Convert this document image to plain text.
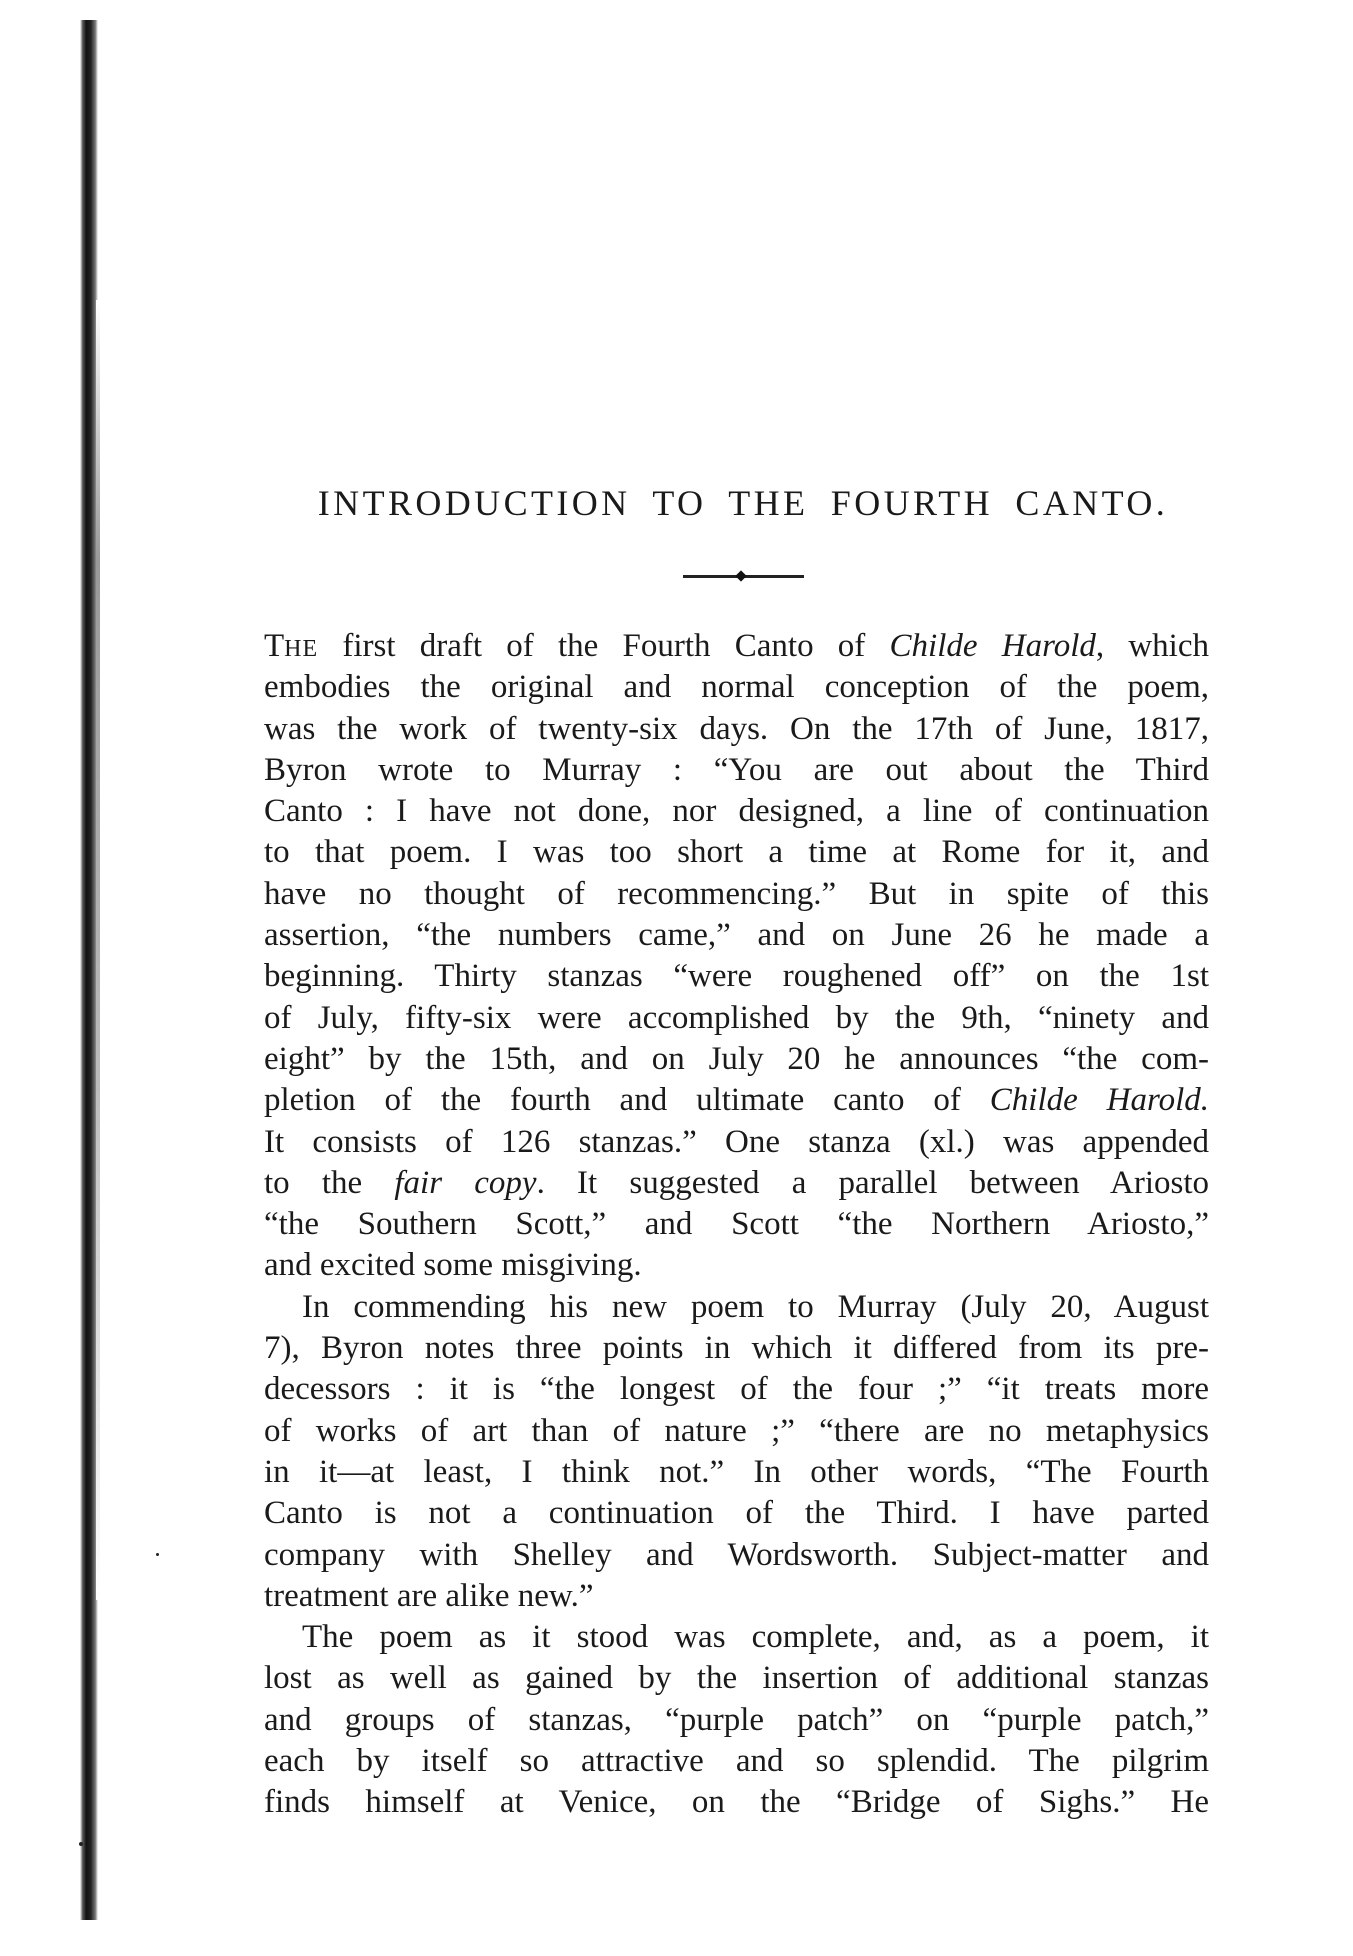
INTRODUCTION TO THE FOURTH CANTO.
THE first draft of the Fourth Canto of Childe Harold, which
embodies the original and normal conception of the poem,
was the work of twenty-six days. On the 17th of June, 1817,
Byron wrote to Murray : “You are out about the Third
Canto : I have not done, nor designed, a line of continuation
to that poem. I was too short a time at Rome for it, and
have no thought of recommencing.” But in spite of this
assertion, “the numbers came,” and on June 26 he made a
beginning. Thirty stanzas “were roughened off” on the 1st
of July, fifty-six were accomplished by the 9th, “ninety and
eight” by the 15th, and on July 20 he announces “the com-
pletion of the fourth and ultimate canto of Childe Harold.
It consists of 126 stanzas.” One stanza (xl.) was appended
to the fair copy. It suggested a parallel between Ariosto
“the Southern Scott,” and Scott “the Northern Ariosto,”
and excited some misgiving.
In commending his new poem to Murray (July 20, August
7), Byron notes three points in which it differed from its pre-
decessors : it is “the longest of the four ;” “it treats more
of works of art than of nature ;” “there are no metaphysics
in it—at least, I think not.” In other words, “The Fourth
Canto is not a continuation of the Third. I have parted
company with Shelley and Wordsworth. Subject-matter and
treatment are alike new.”
The poem as it stood was complete, and, as a poem, it
lost as well as gained by the insertion of additional stanzas
and groups of stanzas, “purple patch” on “purple patch,”
each by itself so attractive and so splendid. The pilgrim
finds himself at Venice, on the “Bridge of Sighs.” He
